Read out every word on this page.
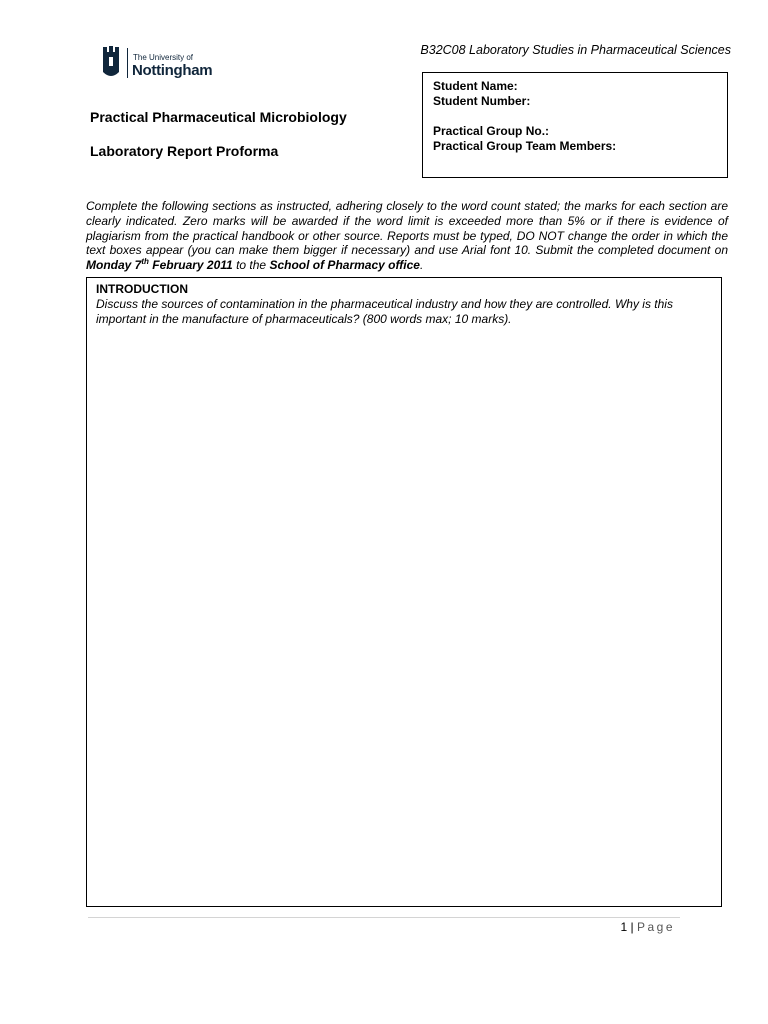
The University of
Nottingham
B32C08 Laboratory Studies in Pharmaceutical Sciences
Practical Pharmaceutical Microbiology
Laboratory Report Proforma
Student Name:
Student Number:
Practical Group No.:
Practical Group Team Members:
Complete the following sections as instructed, adhering closely to the word count stated; the marks for each section are clearly indicated. Zero marks will be awarded if the word limit is exceeded more than 5% or if there is evidence of plagiarism from the practical handbook or other source. Reports must be typed, DO NOT change the order in which the text boxes appear (you can make them bigger if necessary) and use Arial font 10. Submit the completed document on Monday 7th February 2011 to the School of Pharmacy office.
INTRODUCTION
Discuss the sources of contamination in the pharmaceutical industry and how they are controlled. Why is this important in the manufacture of pharmaceuticals? (800 words max; 10 marks).
1 | Page
